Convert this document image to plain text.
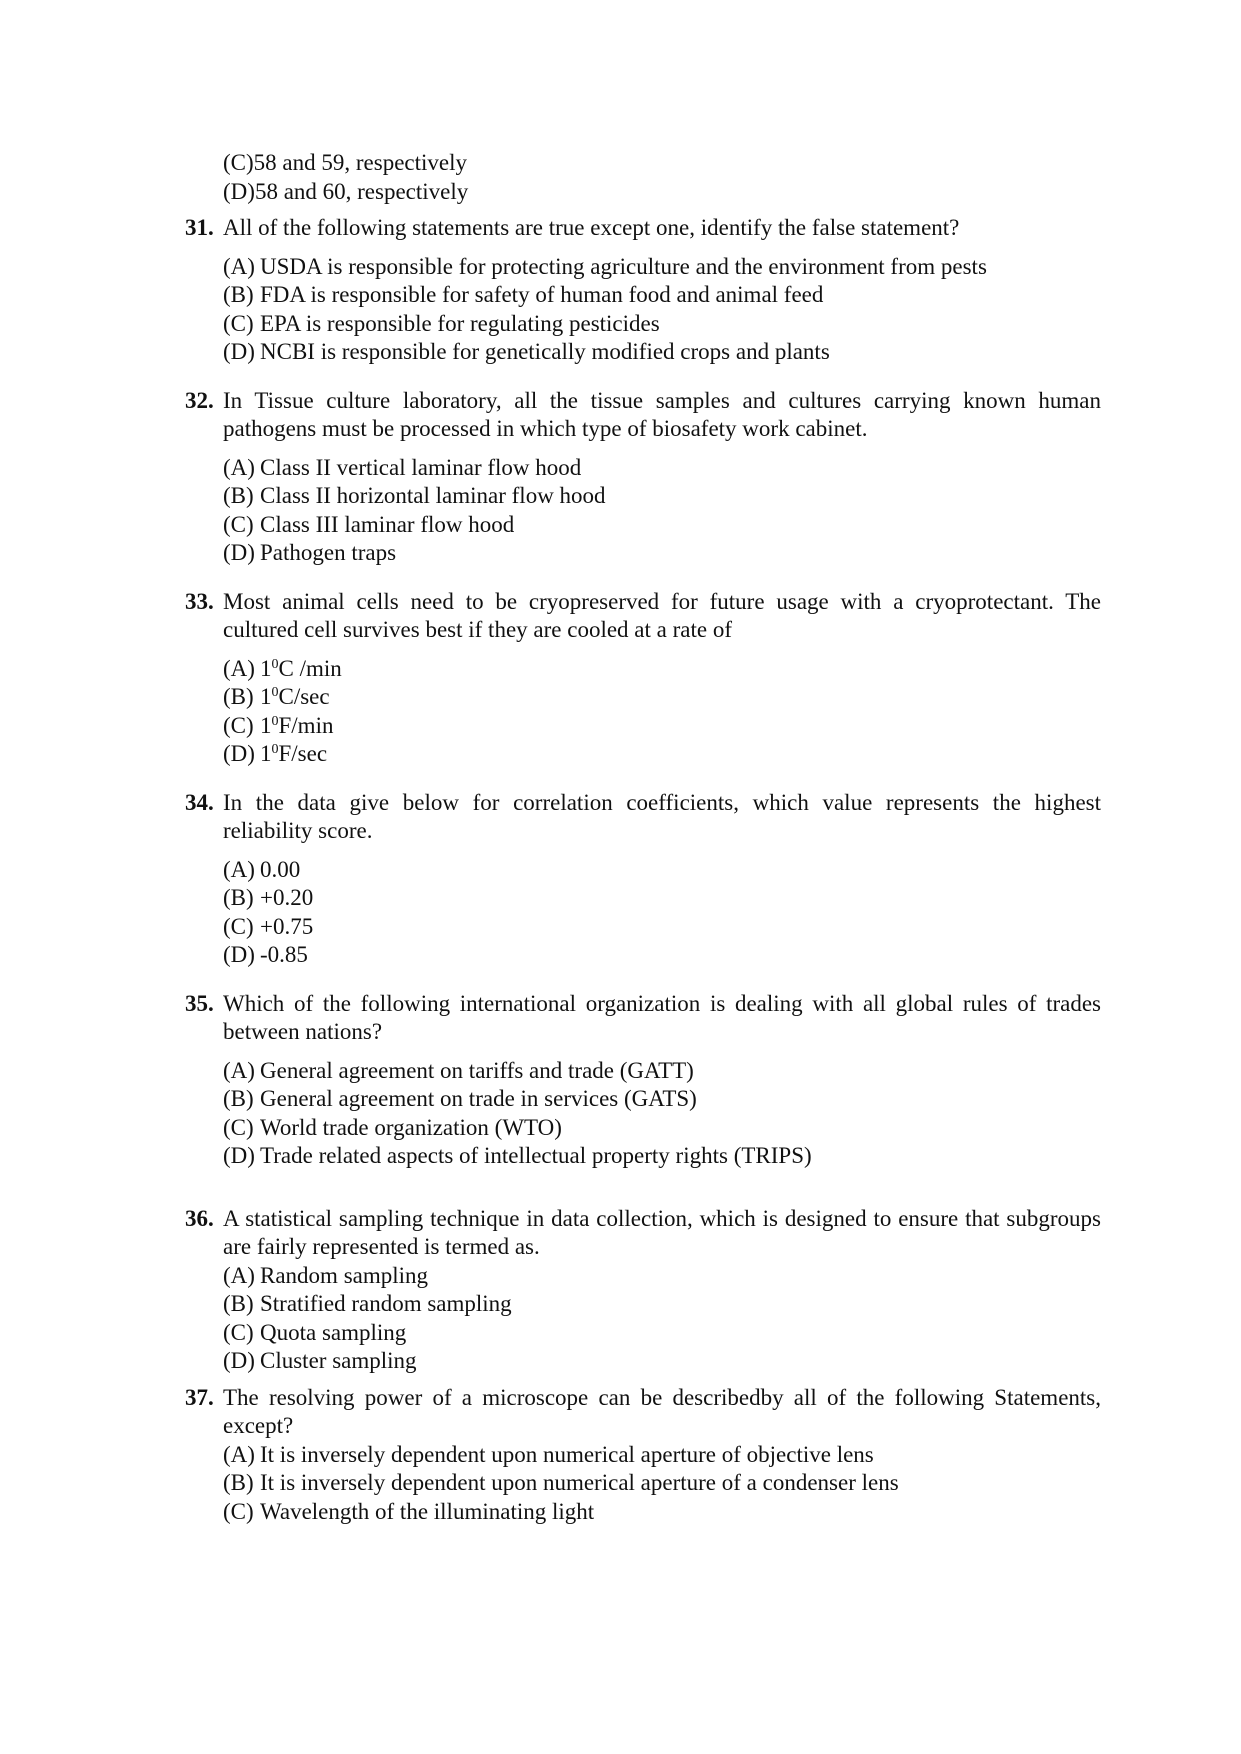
(C) 58 and 59, respectively
(D) 58 and 60, respectively
31. All of the following statements are true except one, identify the false statement?
(A) USDA is responsible for protecting agriculture and the environment from pests
(B) FDA is responsible for safety of human food and animal feed
(C) EPA is responsible for regulating pesticides
(D) NCBI is responsible for genetically modified crops and plants
32. In Tissue culture laboratory, all the tissue samples and cultures carrying known human pathogens must be processed in which type of biosafety work cabinet.
(A) Class II vertical laminar flow hood
(B) Class II horizontal laminar flow hood
(C) Class III laminar flow hood
(D) Pathogen traps
33. Most animal cells need to be cryopreserved for future usage with a cryoprotectant. The cultured cell survives best if they are cooled at a rate of
(A) $1^0C$ /min
(B) $1^0C/\sec$
(C) $1^0F/\min$
(D) $1^0F/\sec$
34. In the data give below for correlation coefficients, which value represents the highest reliability score.
(A) 0.00
(B) +0.20
(C) +0.75
(D) -0.85
35. Which of the following international organization is dealing with all global rules of trades between nations?
(A) General agreement on tariffs and trade (GATT)
(B) General agreement on trade in services (GATS)
(C) World trade organization (WTO)
(D) Trade related aspects of intellectual property rights (TRIPS)
36. A statistical sampling technique in data collection, which is designed to ensure that subgroups are fairly represented is termed as.
(A) Random sampling
(B) Stratified random sampling
(C) Quota sampling
(D) Cluster sampling
37. The resolving power of a microscope can be describedby all of the following Statements, except?
(A) It is inversely dependent upon numerical aperture of objective lens
(B) It is inversely dependent upon numerical aperture of a condenser lens
(C) Wavelength of the illuminating light
